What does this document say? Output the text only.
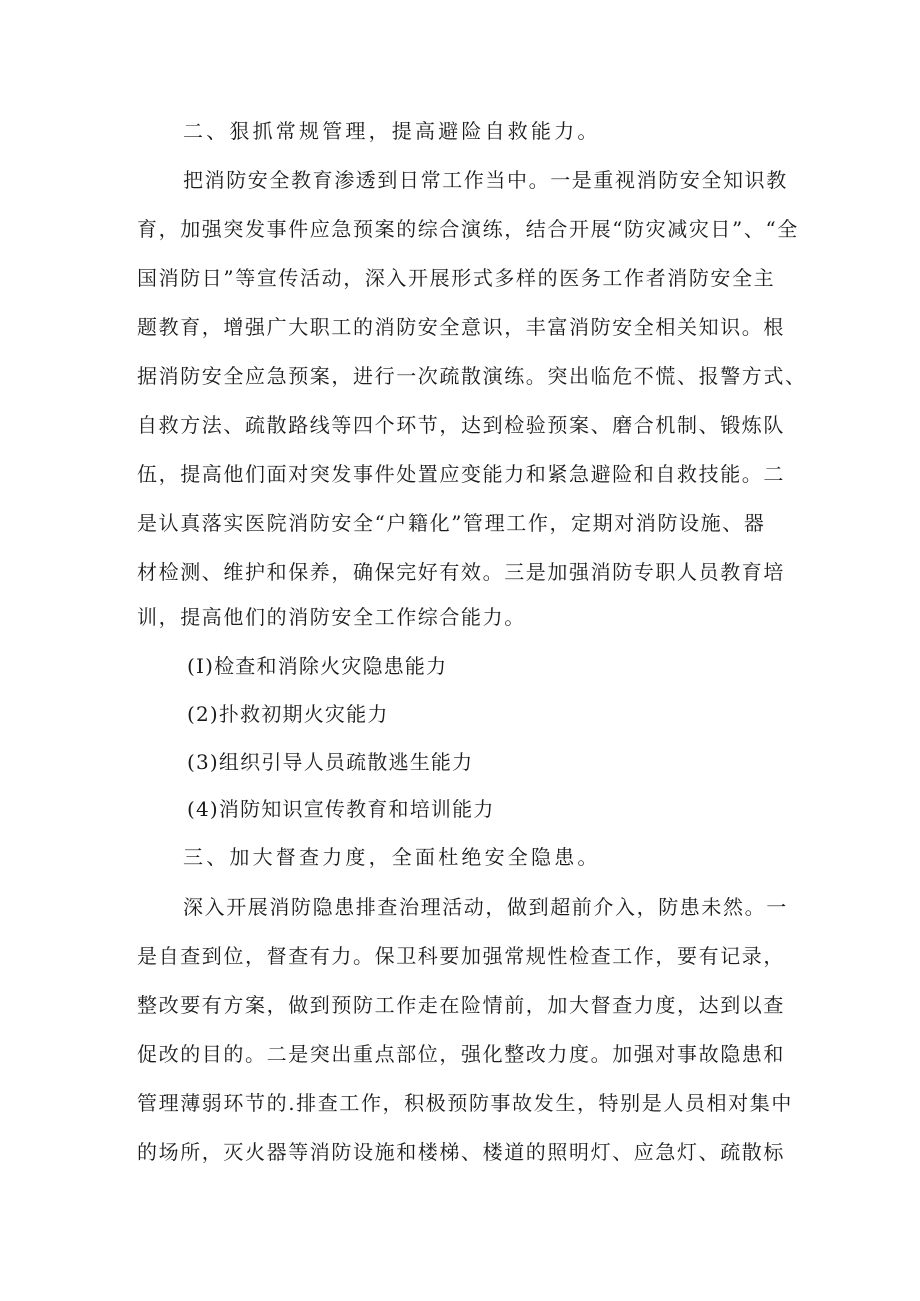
二、狠抓常规管理，提高避险自救能力。
把消防安全教育渗透到日常工作当中。一是重视消防安全知识教
育，加强突发事件应急预案的综合演练，结合开展“防灾减灾日”、“全
国消防日”等宣传活动，深入开展形式多样的医务工作者消防安全主
题教育，增强广大职工的消防安全意识，丰富消防安全相关知识。根
据消防安全应急预案，进行一次疏散演练。突出临危不慌、报警方式、
自救方法、疏散路线等四个环节，达到检验预案、磨合机制、锻炼队
伍，提高他们面对突发事件处置应变能力和紧急避险和自救技能。二
是认真落实医院消防安全“户籍化”管理工作，定期对消防设施、器
材检测、维护和保养，确保完好有效。三是加强消防专职人员教育培
训，提高他们的消防安全工作综合能力。
(I)检查和消除火灾隐患能力
(2)扑救初期火灾能力
(3)组织引导人员疏散逃生能力
(4)消防知识宣传教育和培训能力
三、加大督查力度，全面杜绝安全隐患。
深入开展消防隐患排查治理活动，做到超前介入，防患未然。一
是自查到位，督查有力。保卫科要加强常规性检查工作，要有记录，
整改要有方案，做到预防工作走在险情前，加大督查力度，达到以查
促改的目的。二是突出重点部位，强化整改力度。加强对事故隐患和
管理薄弱环节的.排查工作，积极预防事故发生，特别是人员相对集中
的场所，灭火器等消防设施和楼梯、楼道的照明灯、应急灯、疏散标
